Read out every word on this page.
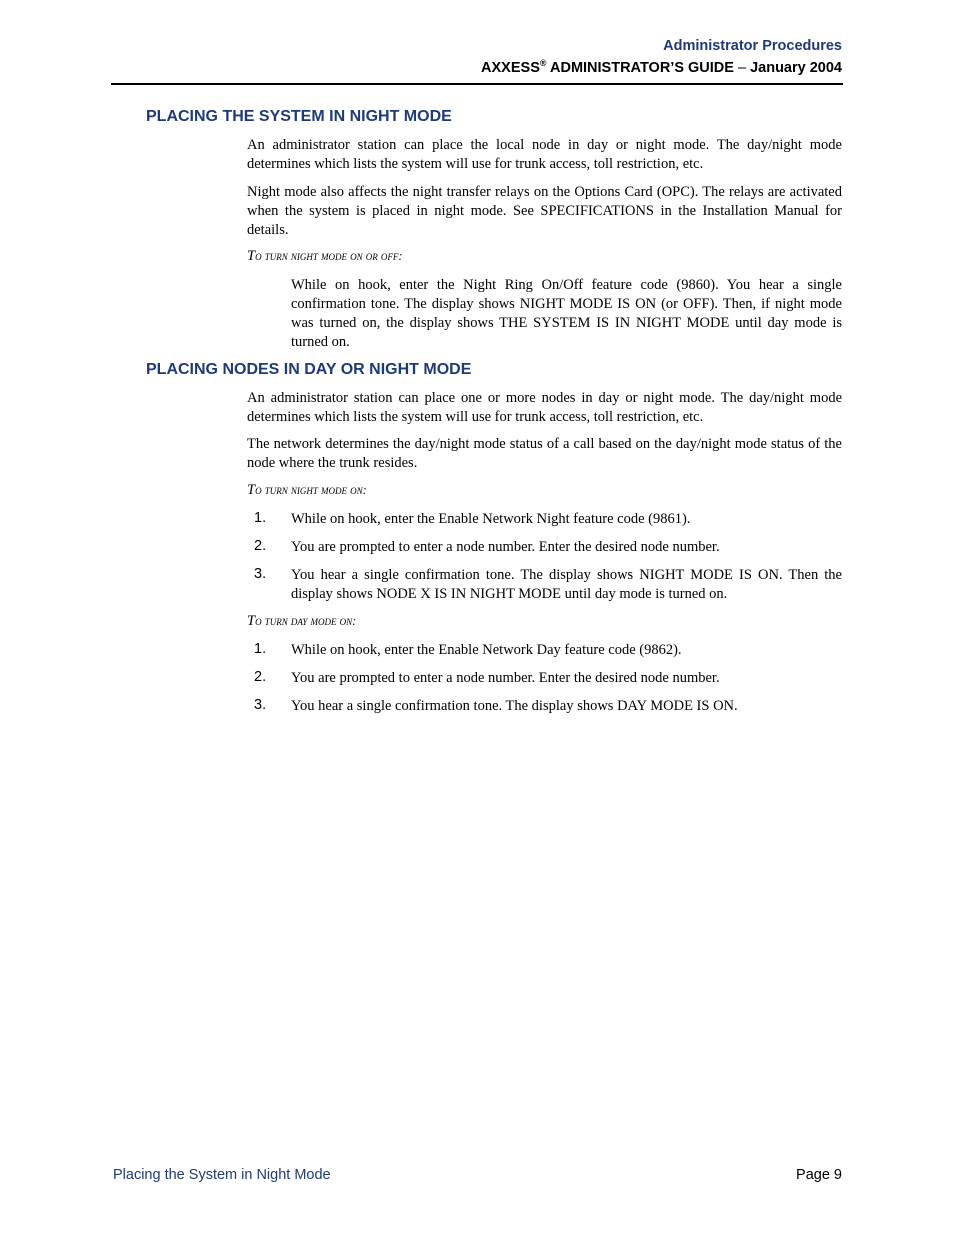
Administrator Procedures
AXXESS® ADMINISTRATOR’S GUIDE – January 2004
PLACING THE SYSTEM IN NIGHT MODE

An administrator station can place the local node in day or night mode. The day/night mode determines which lists the system will use for trunk access, toll restriction, etc.

Night mode also affects the night transfer relays on the Options Card (OPC). The relays are activated when the system is placed in night mode. See SPECIFICATIONS in the Installation Manual for details.

To turn night mode on or off:

While on hook, enter the Night Ring On/Off feature code (9860). You hear a single confirmation tone. The display shows NIGHT MODE IS ON (or OFF). Then, if night mode was turned on, the display shows THE SYSTEM IS IN NIGHT MODE until day mode is turned on.

PLACING NODES IN DAY OR NIGHT MODE

An administrator station can place one or more nodes in day or night mode. The day/night mode determines which lists the system will use for trunk access, toll restriction, etc.

The network determines the day/night mode status of a call based on the day/night mode status of the node where the trunk resides.

To turn night mode on:

1. While on hook, enter the Enable Network Night feature code (9861).

2. You are prompted to enter a node number. Enter the desired node number.

3. You hear a single confirmation tone. The display shows NIGHT MODE IS ON. Then the display shows NODE X IS IN NIGHT MODE until day mode is turned on.

To turn day mode on:

1. While on hook, enter the Enable Network Day feature code (9862).

2. You are prompted to enter a node number. Enter the desired node number.

3. You hear a single confirmation tone. The display shows DAY MODE IS ON.

Placing the System in Night Mode	Page 9
